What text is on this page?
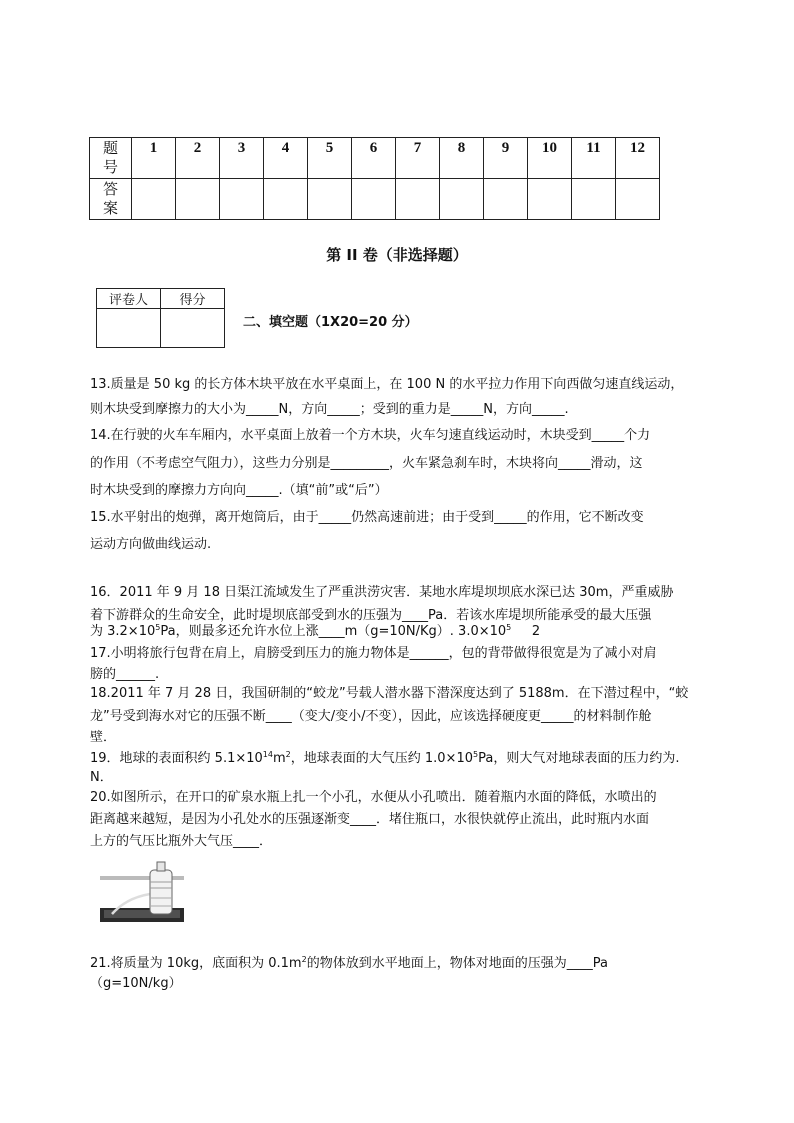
题号	1	2	3	4	5	6	7	8	9	10	11	12
答案												
第 II 卷（非选择题）
评卷人	得分

二、填空题（1X20=20 分）
13.质量是 50 kg 的长方体木块平放在水平桌面上，在 100 N 的水平拉力作用下向西做匀速直线运动，
则木块受到摩擦力的大小为_____N，方向_____；受到的重力是_____N，方向_____.
14.在行驶的火车车厢内，水平桌面上放着一个方木块，火车匀速直线运动时，木块受到_____个力
的作用（不考虑空气阻力），这些力分别是_________，火车紧急刹车时，木块将向_____滑动，这
时木块受到的摩擦力方向向_____.（填“前”或“后”）
15.水平射出的炮弹，离开炮筒后，由于_____仍然高速前进；由于受到_____的作用，它不断改变
运动方向做曲线运动.
16．2011 年 9 月 18 日渠江流域发生了严重洪涝灾害．某地水库堤坝坝底水深已达 30m，严重威胁
着下游群众的生命安全，此时堤坝底部受到水的压强为____Pa．若该水库堤坝所能承受的最大压强
为 $3.2\times 10^5Pa$，则最多还允许水位上涨____m（g=10N/Kg）. $3.0\times 10^5$     2
17.小明将旅行包背在肩上，肩膀受到压力的施力物体是______，包的背带做得很宽是为了减小对肩
膀的______.
18.2011 年 7 月 28 日，我国研制的“蛟龙”号载人潜水器下潜深度达到了 5188m．在下潜过程中，“蛟
龙”号受到海水对它的压强不断____（变大/变小/不变），因此，应该选择硬度更_____的材料制作舱
壁．
19．地球的表面积约 $5.1\times 10^{14}m^2$，地球表面的大气压约 $1.0\times 10^5Pa$，则大气对地球表面的压力约为.
N．
20.如图所示，在开口的矿泉水瓶上扎一个小孔，水便从小孔喷出．随着瓶内水面的降低，水喷出的
距离越来越短，是因为小孔处水的压强逐渐变____．堵住瓶口，水很快就停止流出，此时瓶内水面
上方的气压比瓶外大气压____．
21.将质量为 10kg，底面积为 $0.1m^2$的物体放到水平地面上，物体对地面的压强为____Pa
（g=10N/kg）
